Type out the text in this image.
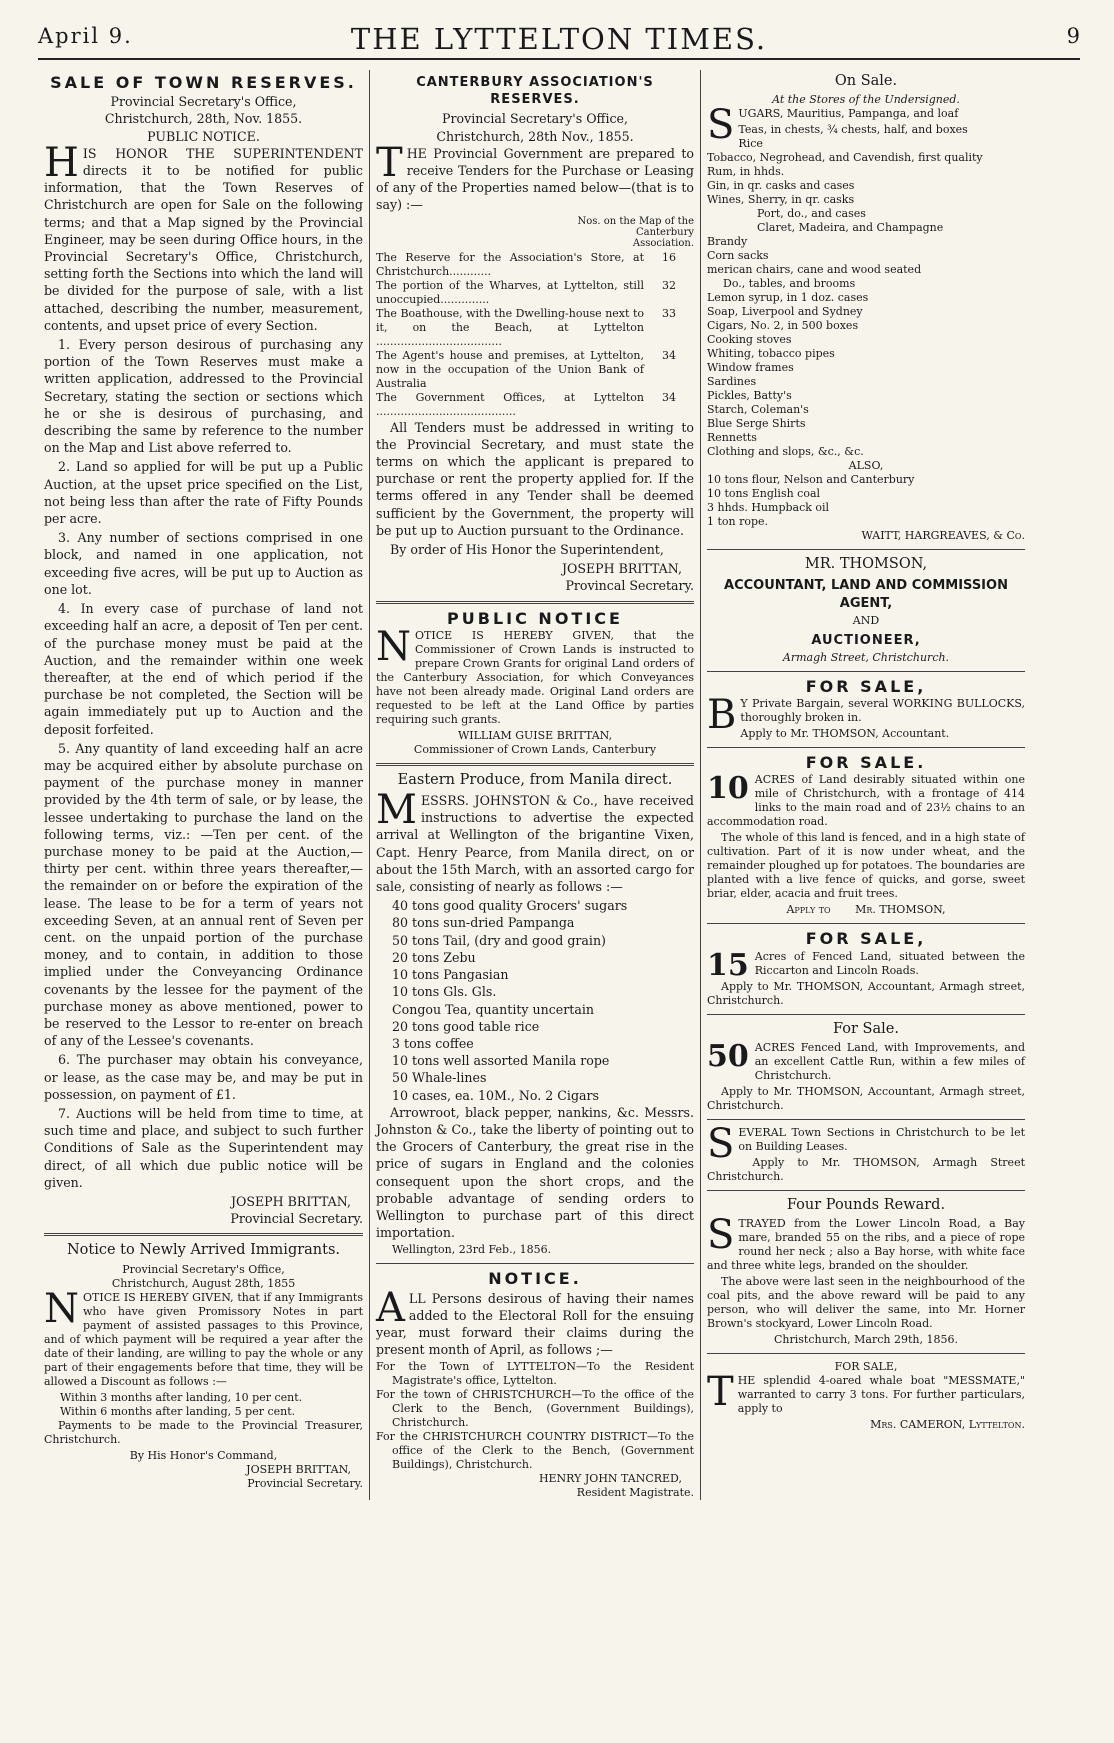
April 9.	THE LYTTELTON TIMES.	9
SALE OF TOWN RESERVES.
Provincial Secretary's Office,
Christchurch, 28th, Nov. 1855.
PUBLIC NOTICE.

HIS HONOR THE SUPERINTENDENT directs it to be notified for public information, that the Town Reserves of Christchurch are open for Sale on the following terms; and that a Map signed by the Provincial Engineer, may be seen during Office hours, in the Provincial Secretary's Office, Christchurch, setting forth the Sections into which the land will be divided for the purpose of sale, with a list attached, describing the number, measurement, contents, and upset price of every Section.

1. Every person desirous of purchasing any portion of the Town Reserves must make a written application, addressed to the Provincial Secretary, stating the section or sections which he or she is desirous of purchasing, and describing the same by reference to the number on the Map and List above referred to.

2. Land so applied for will be put up a Public Auction, at the upset price specified on the List, not being less than after the rate of Fifty Pounds per acre.

3. Any number of sections comprised in one block, and named in one application, not exceeding five acres, will be put up to Auction as one lot.

4. In every case of purchase of land not exceeding half an acre, a deposit of Ten per cent. of the purchase money must be paid at the Auction, and the remainder within one week thereafter, at the end of which period if the purchase be not completed, the Section will be again immediately put up to Auction and the deposit forfeited.

5. Any quantity of land exceeding half an acre may be acquired either by absolute purchase on payment of the purchase money in manner provided by the 4th term of sale, or by lease, the lessee undertaking to purchase the land on the following terms, viz.: —Ten per cent. of the purchase money to be paid at the Auction,—thirty per cent. within three years thereafter,—the remainder on or before the expiration of the lease. The lease to be for a term of years not exceeding Seven, at an annual rent of Seven per cent. on the unpaid portion of the purchase money, and to contain, in addition to those implied under the Conveyancing Ordinance covenants by the lessee for the payment of the purchase money as above mentioned, power to be reserved to the Lessor to re-enter on breach of any of the Lessee's covenants.

6. The purchaser may obtain his conveyance, or lease, as the case may be, and may be put in possession, on payment of £1.

7. Auctions will be held from time to time, at such time and place, and subject to such further Conditions of Sale as the Superintendent may direct, of all which due public notice will be given.

JOSEPH BRITTAN,
Provincial Secretary.
Notice to Newly Arrived Immigrants.
Provincial Secretary's Office,
Christchurch, August 28th, 1855

NOTICE IS HEREBY GIVEN, that if any Immigrants who have given Promissory Notes in part payment of assisted passages to this Province, and of which payment will be required a year after the date of their landing, are willing to pay the whole or any part of their engagements before that time, they will be allowed a Discount as follows :—

Within 3 months after landing, 10 per cent.
Within 6 months after landing, 5 per cent.

Payments to be made to the Provincial Treasurer, Christchurch.

By His Honor's Command,
JOSEPH BRITTAN,
Provincial Secretary.
CANTERBURY ASSOCIATION'S RESERVES.
Provincial Secretary's Office,
Christchurch, 28th Nov., 1855.

THE Provincial Government are prepared to receive Tenders for the Purchase or Leasing of any of the Properties named below—(that is to say) :—

Nos. on the Map of the Canterbury Association.
The Reserve for the Association's Store, at Christchurch............
16
The portion of the Wharves, at Lyttelton, still unoccupied..............
32
The Boathouse, with the Dwelling-house next to it, on the Beach, at Lyttelton ....................................
33
The Agent's house and premises, at Lyttelton, now in the occupation of the Union Bank of Australia
34
The Government Offices, at Lyttelton ........................................
34

All Tenders must be addressed in writing to the Provincial Secretary, and must state the terms on which the applicant is prepared to purchase or rent the property applied for. If the terms offered in any Tender shall be deemed sufficient by the Government, the property will be put up to Auction pursuant to the Ordinance.

By order of His Honor the Superintendent,

JOSEPH BRITTAN,
Provincal Secretary.
PUBLIC NOTICE

NOTICE IS HEREBY GIVEN, that the Commissioner of Crown Lands is instructed to prepare Crown Grants for original Land orders of the Canterbury Association, for which Conveyances have not been already made. Original Land orders are requested to be left at the Land Office by parties requiring such grants.

WILLIAM GUISE BRITTAN,
Commissioner of Crown Lands, Canterbury
Eastern Produce, from Manila direct.

MESSRS. JOHNSTON & Co., have received instructions to advertise the expected arrival at Wellington of the brigantine Vixen, Capt. Henry Pearce, from Manila direct, on or about the 15th March, with an assorted cargo for sale, consisting of nearly as follows :—

40 tons good quality Grocers' sugars
80 tons sun-dried Pampanga
50 tons Tail, (dry and good grain)
20 tons Zebu
10 tons Pangasian
10 tons Gls. Gls.
Congou Tea, quantity uncertain
20 tons good table rice
3 tons coffee
10 tons well assorted Manila rope
50 Whale-lines
10 cases, ea. 10M., No. 2 Cigars

Arrowroot, black pepper, nankins, &c. Messrs. Johnston & Co., take the liberty of pointing out to the Grocers of Canterbury, the great rise in the price of sugars in England and the colonies consequent upon the short crops, and the probable advantage of sending orders to Wellington to purchase part of this direct importation.

Wellington, 23rd Feb., 1856.
NOTICE.

ALL Persons desirous of having their names added to the Electoral Roll for the ensuing year, must forward their claims during the present month of April, as follows ;—

For the Town of LYTTELTON—To the Resident Magistrate's office, Lyttelton.
For the town of CHRISTCHURCH—To the office of the Clerk to the Bench, (Government Buildings), Christchurch.
For the CHRISTCHURCH COUNTRY DISTRICT—To the office of the Clerk to the Bench, (Government Buildings), Christchurch.
HENRY JOHN TANCRED,
Resident Magistrate.
On Sale.
At the Stores of the Undersigned.

SUGARS, Mauritius, Pampanga, and loaf

Teas, in chests, ¾ chests, half, and boxes
Rice
Tobacco, Negrohead, and Cavendish, first quality
Rum, in hhds.
Gin, in qr. casks and cases
Wines, Sherry, in qr. casks
Port, do., and cases
Claret, Madeira, and Champagne
Brandy
Corn sacks
merican chairs, cane and wood seated
Do., tables, and brooms
Lemon syrup, in 1 doz. cases
Soap, Liverpool and Sydney
Cigars, No. 2, in 500 boxes
Cooking stoves
Whiting, tobacco pipes
Window frames
Sardines
Pickles, Batty's
Starch, Coleman's
Blue Serge Shirts
Rennetts
Clothing and slops, &c., &c.
ALSO,
10 tons flour, Nelson and Canterbury
10 tons English coal
3 hhds. Humpback oil
1 ton rope.
WAITT, HARGREAVES, & Co.
MR. THOMSON,
ACCOUNTANT, LAND AND COMMISSION AGENT,
AND
AUCTIONEER,
Armagh Street, Christchurch.
FOR SALE,

B Y Private Bargain, several WORKING BULLOCKS, thoroughly broken in.

Apply to Mr. THOMSON, Accountant.
FOR SALE.

10 ACRES of Land desirably situated within one mile of Christchurch, with a frontage of 414 links to the main road and of 23½ chains to an accommodation road.

The whole of this land is fenced, and in a high state of cultivation. Part of it is now under wheat, and the remainder ploughed up for potatoes. The boundaries are planted with a live fence of quicks, and gorse, sweet briar, elder, acacia and fruit trees.

Apply to       Mr. THOMSON,
FOR SALE,

15 Acres of Fenced Land, situated between the Riccarton and Lincoln Roads.

Apply to Mr. THOMSON, Accountant, Armagh street, Christchurch.

For Sale.

50 ACRES Fenced Land, with Improvements, and an excellent Cattle Run, within a few miles of Christchurch.

Apply to Mr. THOMSON, Accountant, Armagh street, Christchurch.

SEVERAL Town Sections in Christchurch to be let on Building Leases.

Apply to Mr. THOMSON, Armagh Street Christchurch.

Four Pounds Reward.

STRAYED from the Lower Lincoln Road, a Bay mare, branded 55 on the ribs, and a piece of rope round her neck ; also a Bay horse, with white face and three white legs, branded on the shoulder.

The above were last seen in the neighbourhood of the coal pits, and the above reward will be paid to any person, who will deliver the same, into Mr. Horner Brown's stockyard, Lower Lincoln Road.

Christchurch, March 29th, 1856.
FOR SALE,

THE splendid 4-oared whale boat "MESSMATE," warranted to carry 3 tons. For further particulars, apply to

Mrs. CAMERON, Lyttelton.
